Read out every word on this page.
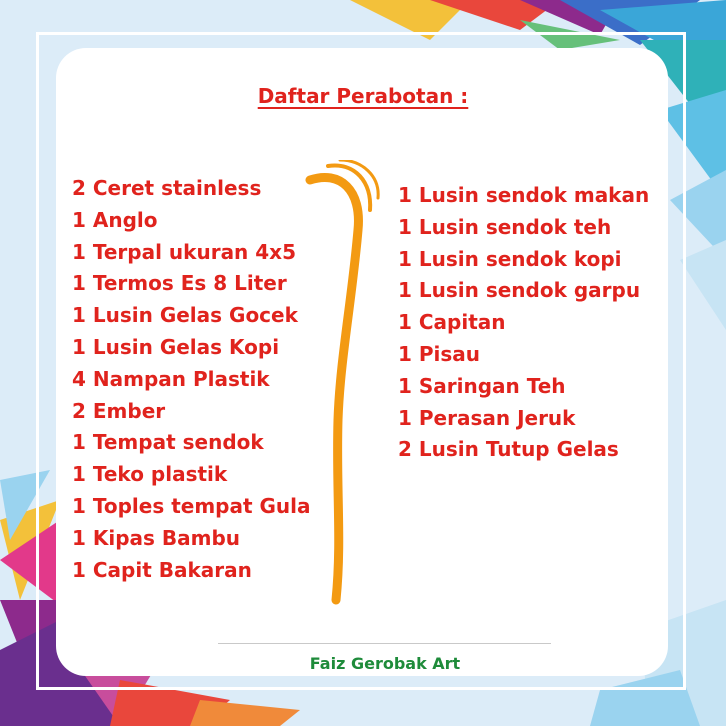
Daftar Perabotan :
2 Ceret stainless
1 Anglo
1 Terpal ukuran 4x5
1 Termos Es 8 Liter
1 Lusin Gelas Gocek
1 Lusin Gelas Kopi
4 Nampan Plastik
2 Ember
1 Tempat sendok
1 Teko plastik
1 Toples tempat Gula
1 Kipas Bambu
1 Capit Bakaran
1 Lusin sendok makan
1 Lusin sendok teh
1 Lusin sendok kopi
1 Lusin sendok garpu
1 Capitan
1 Pisau
1 Saringan Teh
1 Perasan Jeruk
2 Lusin Tutup Gelas
Faiz Gerobak Art
